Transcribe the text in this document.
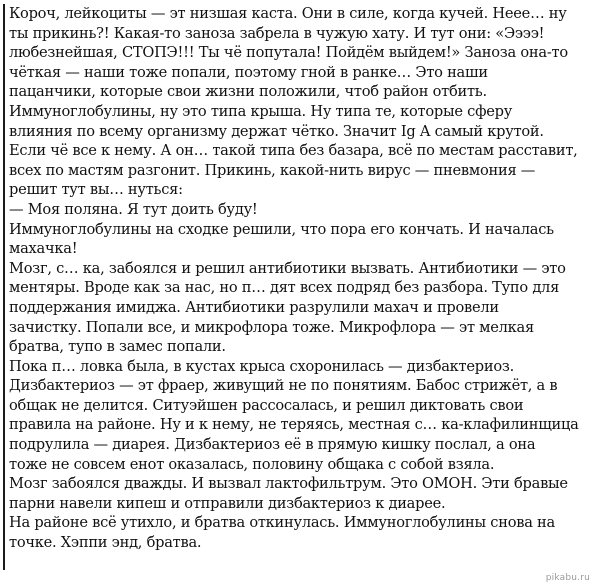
Короч, лейкоциты — эт низшая каста. Они в силе, когда кучей. Неее… ну
ты прикинь?! Какая-то заноза забрела в чужую хату. И тут они: «Ээээ!
любезнейшая, СТОПЭ!!! Ты чё попутала! Пойдём выйдем!» Заноза она-то
чёткая — наши тоже попали, поэтому гной в ранке… Это наши
пацанчики, которые свои жизни положили, чтоб район отбить.
Иммуноглобулины, ну это типа крыша. Ну типа те, которые сферу
влияния по всему организму держат чётко. Значит Ig A самый крутой.
Если чё все к нему. А он… такой типа без базара, всё по местам расставит,
всех по мастям разгонит. Прикинь, какой-нить вирус — пневмония —
решит тут вы… нуться:
— Моя поляна. Я тут доить буду!
Иммуноглобулины на сходке решили, что пора его кончать. И началась
махачка!
Мозг, с… ка, забоялся и решил антибиотики вызвать. Антибиотики — это
ментяры. Вроде как за нас, но п… дят всех подряд без разбора. Тупо для
поддержания имиджа. Антибиотики разрулили махач и провели
зачистку. Попали все, и микрофлора тоже. Микрофлора — эт мелкая
братва, тупо в замес попали.
Пока п… ловка была, в кустах крыса схоронилась — дизбактериоз.
Дизбактериоз — эт фраер, живущий не по понятиям. Бабос стрижёт, а в
общак не делится. Ситуэйшен рассосалась, и решил диктовать свои
правила на районе. Ну и к нему, не теряясь, местная с… ка-клафилинщица
подрулила — диарея. Дизбактериоз её в прямую кишку послал, а она
тоже не совсем енот оказалась, половину общака с собой взяла.
Мозг забоялся дважды. И вызвал лактофильтрум. Это ОМОН. Эти бравые
парни навели кипеш и отправили дизбактериоз к диарее.
На районе всё утихло, и братва откинулась. Иммуноглобулины снова на
точке. Хэппи энд, братва.
pikabu.ru
